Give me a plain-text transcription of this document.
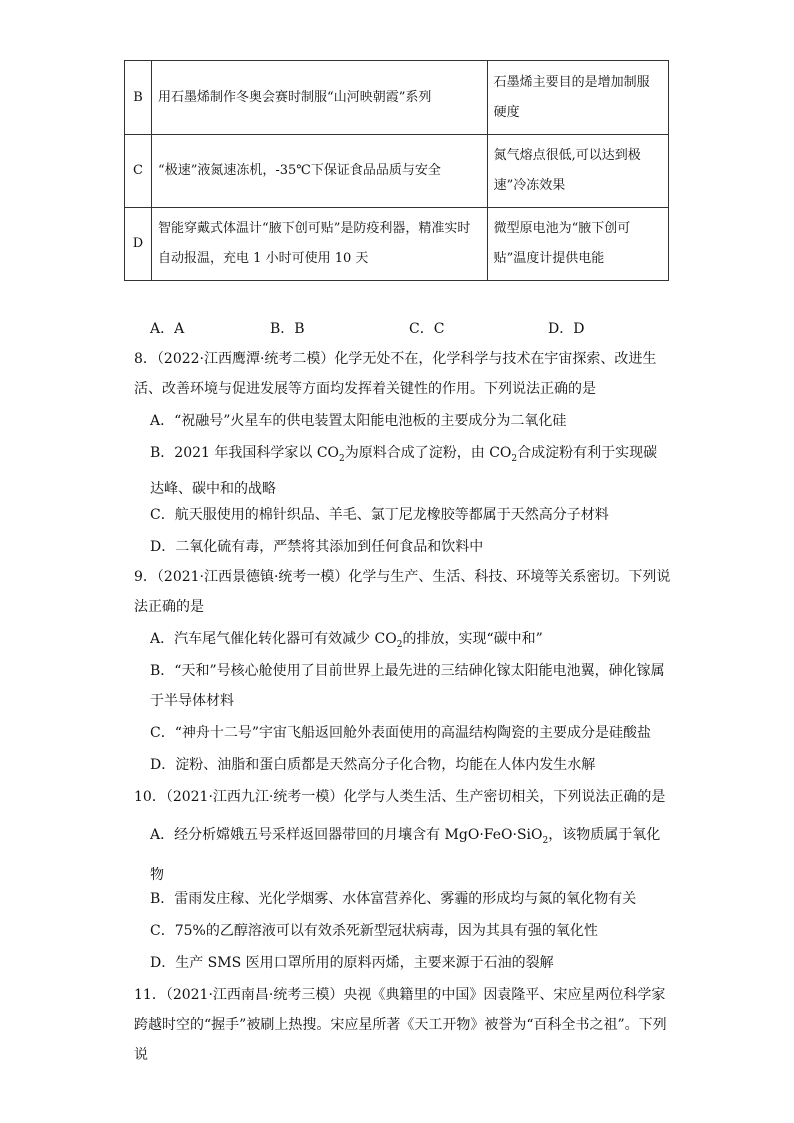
B	用石墨烯制作冬奥会赛时制服“山河映朝霞”系列	石墨烯主要目的是增加制服硬度
C	“极速”液氮速冻机，-35℃下保证食品品质与安全	氮气熔点很低,可以达到极速”冷冻效果
D	智能穿戴式体温计“腋下创可贴”是防疫利器，精准实时自动报温，充电 1 小时可使用 10 天	微型原电池为“腋下创可贴”温度计提供电能
A．A	B．B	C．C	D．D
8．（2022·江西鹰潭·统考二模）化学无处不在，化学科学与技术在宇宙探索、改进生活、改善环境与促进发展等方面均发挥着关键性的作用。下列说法正确的是
A．“祝融号”火星车的供电装置太阳能电池板的主要成分为二氧化硅
B．2021 年我国科学家以 $CO_2$为原料合成了淀粉，由 $CO_2$合成淀粉有利于实现碳达峰、碳中和的战略
C．航天服使用的棉针织品、羊毛、氯丁尼龙橡胶等都属于天然高分子材料
D．二氧化硫有毒，严禁将其添加到任何食品和饮料中
9．（2021·江西景德镇·统考一模）化学与生产、生活、科技、环境等关系密切。下列说法正确的是
A．汽车尾气催化转化器可有效减少 $CO_2$的排放，实现“碳中和”
B．“天和”号核心舱使用了目前世界上最先进的三结砷化镓太阳能电池翼，砷化镓属于半导体材料
C．“神舟十二号”宇宙飞船返回舱外表面使用的高温结构陶瓷的主要成分是硅酸盐
D．淀粉、油脂和蛋白质都是天然高分子化合物，均能在人体内发生水解
10．（2021·江西九江·统考一模）化学与人类生活、生产密切相关，下列说法正确的是
A．经分析嫦娥五号采样返回器带回的月壤含有 MgO·FeO·SiO$_2$，该物质属于氧化物
B．雷雨发庄稼、光化学烟雾、水体富营养化、雾霾的形成均与氮的氧化物有关
C．75%的乙醇溶液可以有效杀死新型冠状病毒，因为其具有强的氧化性
D．生产 SMS 医用口罩所用的原料丙烯，主要来源于石油的裂解
11．（2021·江西南昌·统考三模）央视《典籍里的中国》因袁隆平、宋应星两位科学家跨越时空的“握手”被刷上热搜。宋应星所著《天工开物》被誉为“百科全书之祖”。下列说
